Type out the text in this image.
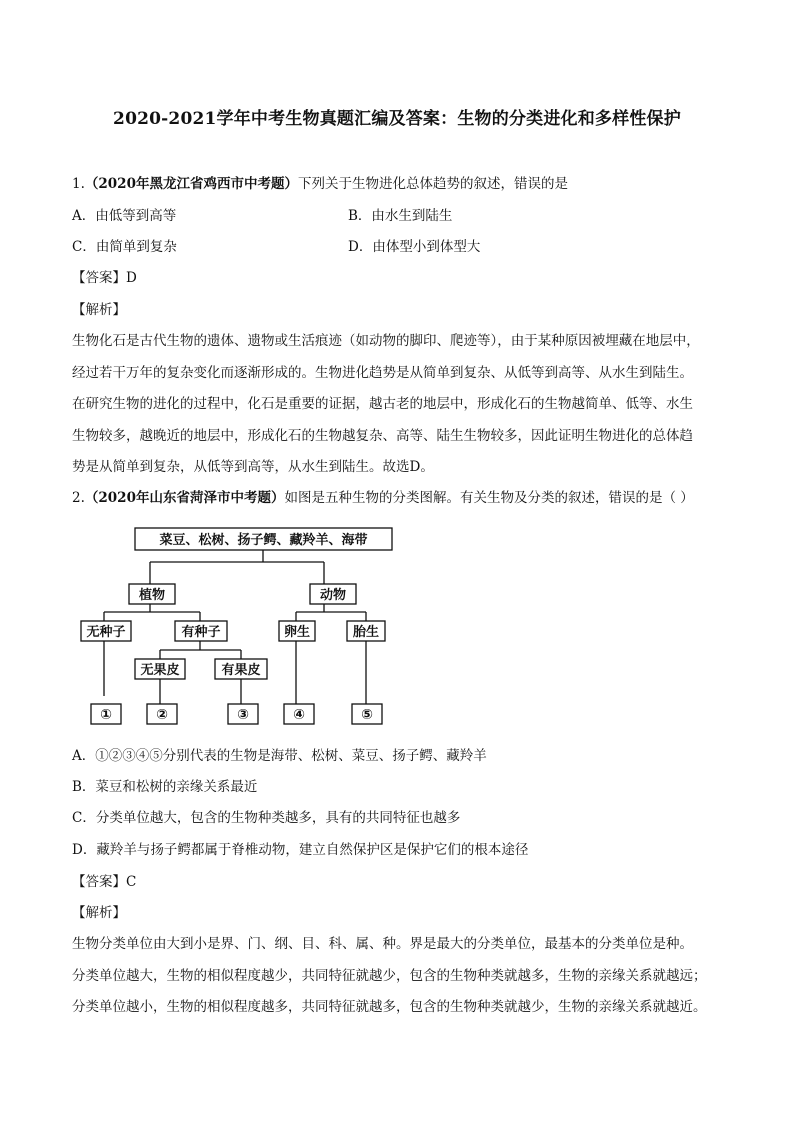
2020-2021学年中考生物真题汇编及答案：生物的分类进化和多样性保护
1.（2020年黑龙江省鸡西市中考题）下列关于生物进化总体趋势的叙述，错误的是
A．由低等到高等	B．由水生到陆生
C．由简单到复杂	D．由体型小到体型大
【答案】D
【解析】
生物化石是古代生物的遗体、遗物或生活痕迹（如动物的脚印、爬迹等），由于某种原因被埋藏在地层中，
经过若干万年的复杂变化而逐渐形成的。生物进化趋势是从简单到复杂、从低等到高等、从水生到陆生。
在研究生物的进化的过程中，化石是重要的证据，越古老的地层中，形成化石的生物越简单、低等、水生
生物较多，越晚近的地层中，形成化石的生物越复杂、高等、陆生生物较多，因此证明生物进化的总体趋
势是从简单到复杂，从低等到高等，从水生到陆生。故选D。
2.（2020年山东省菏泽市中考题）如图是五种生物的分类图解。有关生物及分类的叙述，错误的是（ ）
菜豆、松树、扬子鳄、藏羚羊、海带
植物	动物
无种子	有种子
无果皮	有果皮
卵生	胎生
①	②	③	④	⑤
A．①②③④⑤分别代表的生物是海带、松树、菜豆、扬子鳄、藏羚羊
B．菜豆和松树的亲缘关系最近
C．分类单位越大，包含的生物种类越多，具有的共同特征也越多
D．藏羚羊与扬子鳄都属于脊椎动物，建立自然保护区是保护它们的根本途径
【答案】C
【解析】
生物分类单位由大到小是界、门、纲、目、科、属、种。界是最大的分类单位，最基本的分类单位是种。
分类单位越大，生物的相似程度越少，共同特征就越少，包含的生物种类就越多，生物的亲缘关系就越远；
分类单位越小，生物的相似程度越多，共同特征就越多，包含的生物种类就越少，生物的亲缘关系就越近。
